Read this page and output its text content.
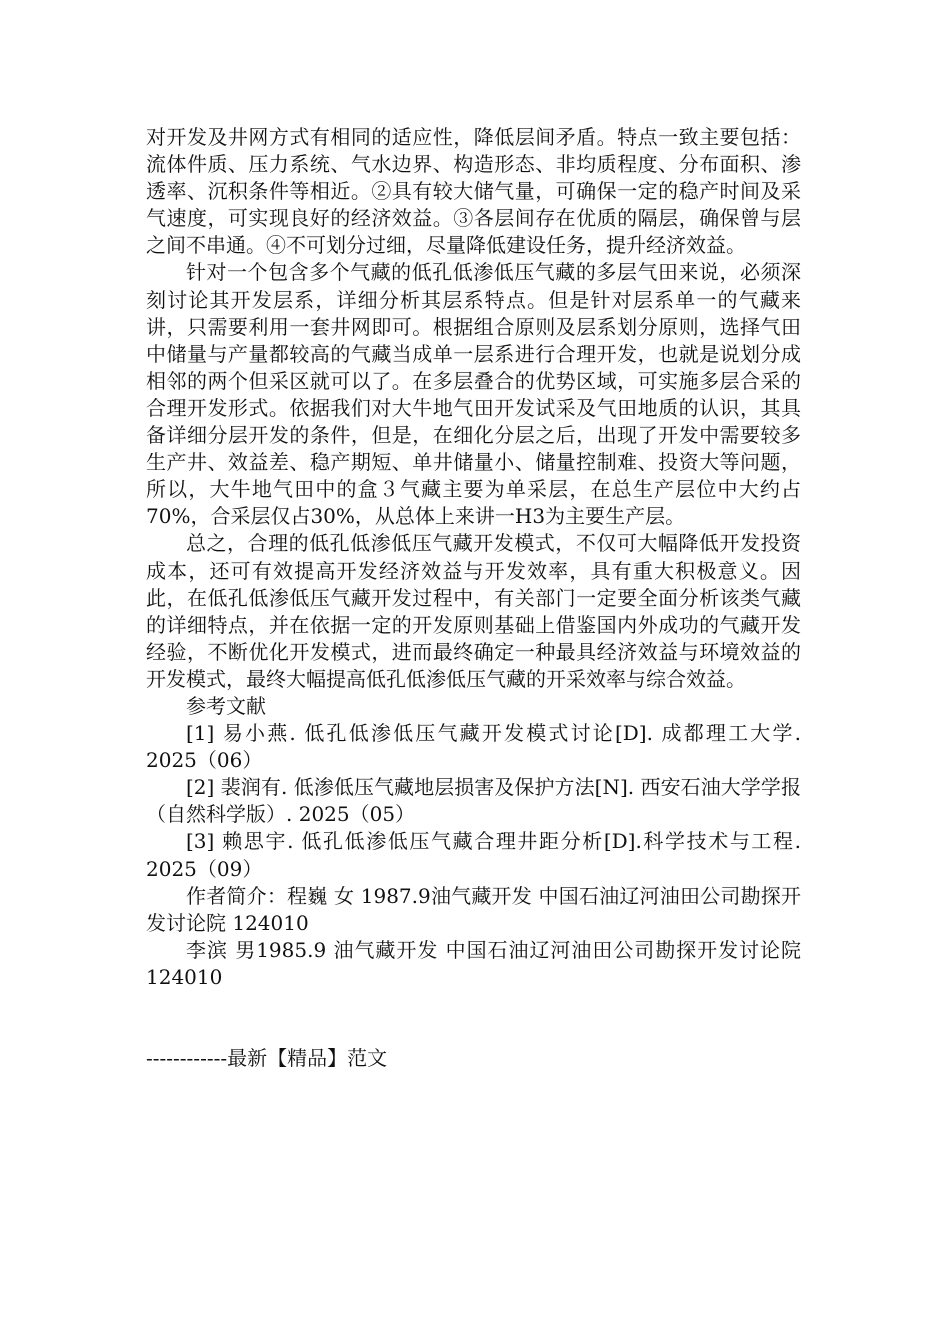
对开发及井网方式有相同的适应性，降低层间矛盾。特点一致主要包括：流体件质、压力系统、气水边界、构造形态、非均质程度、分布面积、渗透率、沉积条件等相近。②具有较大储气量，可确保一定的稳产时间及采气速度，可实现良好的经济效益。③各层间存在优质的隔层，确保曾与层之间不串通。④不可划分过细，尽量降低建设任务，提升经济效益。

针对一个包含多个气藏的低孔低渗低压气藏的多层气田来说，必须深刻讨论其开发层系，详细分析其层系特点。但是针对层系单一的气藏来讲，只需要利用一套井网即可。根据组合原则及层系划分原则，选择气田中储量与产量都较高的气藏当成单一层系进行合理开发，也就是说划分成相邻的两个但采区就可以了。在多层叠合的优势区域，可实施多层合采的合理开发形式。依据我们对大牛地气田开发试采及气田地质的认识，其具备详细分层开发的条件，但是，在细化分层之后，出现了开发中需要较多生产井、效益差、稳产期短、单井储量小、储量控制难、投资大等问题，所以，大牛地气田中的盒３气藏主要为单采层，在总生产层位中大约占70%，合采层仅占30%，从总体上来讲一H3为主要生产层。

总之，合理的低孔低渗低压气藏开发模式，不仅可大幅降低开发投资成本，还可有效提高开发经济效益与开发效率，具有重大积极意义。因此，在低孔低渗低压气藏开发过程中，有关部门一定要全面分析该类气藏的详细特点，并在依据一定的开发原则基础上借鉴国内外成功的气藏开发经验，不断优化开发模式，进而最终确定一种最具经济效益与环境效益的开发模式，最终大幅提高低孔低渗低压气藏的开采效率与综合效益。

参考文献

[1] 易小燕. 低孔低渗低压气藏开发模式讨论[D]. 成都理工大学. 2025（06）

[2] 裴润有. 低渗低压气藏地层损害及保护方法[N]. 西安石油大学学报（自然科学版）. 2025（05）

[3] 赖思宇. 低孔低渗低压气藏合理井距分析[D].科学技术与工程. 2025（09）

作者简介：程巍 女 1987.9油气藏开发 中国石油辽河油田公司勘探开发讨论院 124010

李滨 男1985.9 油气藏开发 中国石油辽河油田公司勘探开发讨论院124010

------------最新【精品】范文
